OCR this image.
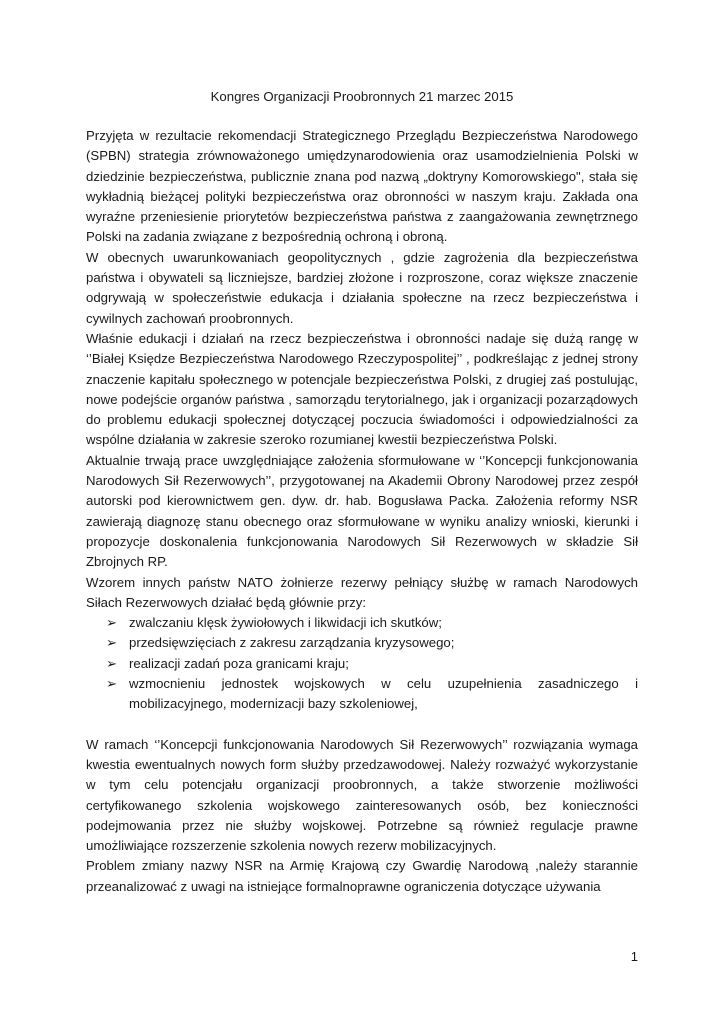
Kongres Organizacji Proobronnych 21 marzec 2015

Przyjęta w rezultacie rekomendacji Strategicznego Przeglądu Bezpieczeństwa Narodowego (SPBN) strategia zrównoważonego umiędzynarodowienia oraz usamodzielnienia Polski w dziedzinie bezpieczeństwa, publicznie znana pod nazwą „doktryny Komorowskiego", stała się wykładnią bieżącej polityki bezpieczeństwa oraz obronności w naszym kraju. Zakłada ona wyraźne przeniesienie priorytetów bezpieczeństwa państwa z zaangażowania zewnętrznego Polski na zadania związane z bezpośrednią ochroną i obroną.

W obecnych uwarunkowaniach geopolitycznych , gdzie zagrożenia dla bezpieczeństwa państwa i obywateli są liczniejsze, bardziej złożone i rozproszone, coraz większe znaczenie odgrywają w społeczeństwie edukacja i działania społeczne na rzecz bezpieczeństwa i cywilnych zachowań proobronnych.

Właśnie edukacji i działań na rzecz bezpieczeństwa i obronności nadaje się dużą rangę w ‘’Białej Księdze Bezpieczeństwa Narodowego Rzeczypospolitej’’ , podkreślając z jednej strony znaczenie kapitału społecznego w potencjale bezpieczeństwa Polski, z drugiej zaś postulując, nowe podejście organów państwa , samorządu terytorialnego, jak i organizacji pozarządowych do problemu edukacji społecznej dotyczącej poczucia świadomości i odpowiedzialności za wspólne działania w zakresie szeroko rozumianej kwestii bezpieczeństwa Polski.

Aktualnie trwają prace uwzględniające założenia sformułowane w ‘’Koncepcji funkcjonowania Narodowych Sił Rezerwowych’’, przygotowanej na Akademii Obrony Narodowej przez zespół autorski pod kierownictwem gen. dyw. dr. hab. Bogusława Packa. Założenia reformy NSR zawierają diagnozę stanu obecnego oraz sformułowane w wyniku analizy wnioski, kierunki i propozycje doskonalenia funkcjonowania Narodowych Sił Rezerwowych w składzie Sił Zbrojnych RP.

Wzorem innych państw NATO żołnierze rezerwy pełniący służbę w ramach Narodowych Siłach Rezerwowych działać będą głównie przy:

➢ zwalczaniu klęsk żywiołowych i likwidacji ich skutków;
➢ przedsięwzięciach z zakresu zarządzania kryzysowego;
➢ realizacji zadań poza granicami kraju;
➢ wzmocnieniu jednostek wojskowych w celu uzupełnienia zasadniczego i mobilizacyjnego, modernizacji bazy szkoleniowej,

W ramach ‘’Koncepcji funkcjonowania Narodowych Sił Rezerwowych’’ rozwiązania wymaga kwestia ewentualnych nowych form służby przedzawodowej. Należy rozważyć wykorzystanie w tym celu potencjału organizacji proobronnych, a także stworzenie możliwości certyfikowanego szkolenia wojskowego zainteresowanych osób, bez konieczności podejmowania przez nie służby wojskowej. Potrzebne są również regulacje prawne umożliwiające rozszerzenie szkolenia nowych rezerw mobilizacyjnych.

Problem zmiany nazwy NSR na Armię Krajową czy Gwardię Narodową ,należy starannie przeanalizować z uwagi na istniejące formalnoprawne ograniczenia dotyczące używania

1
